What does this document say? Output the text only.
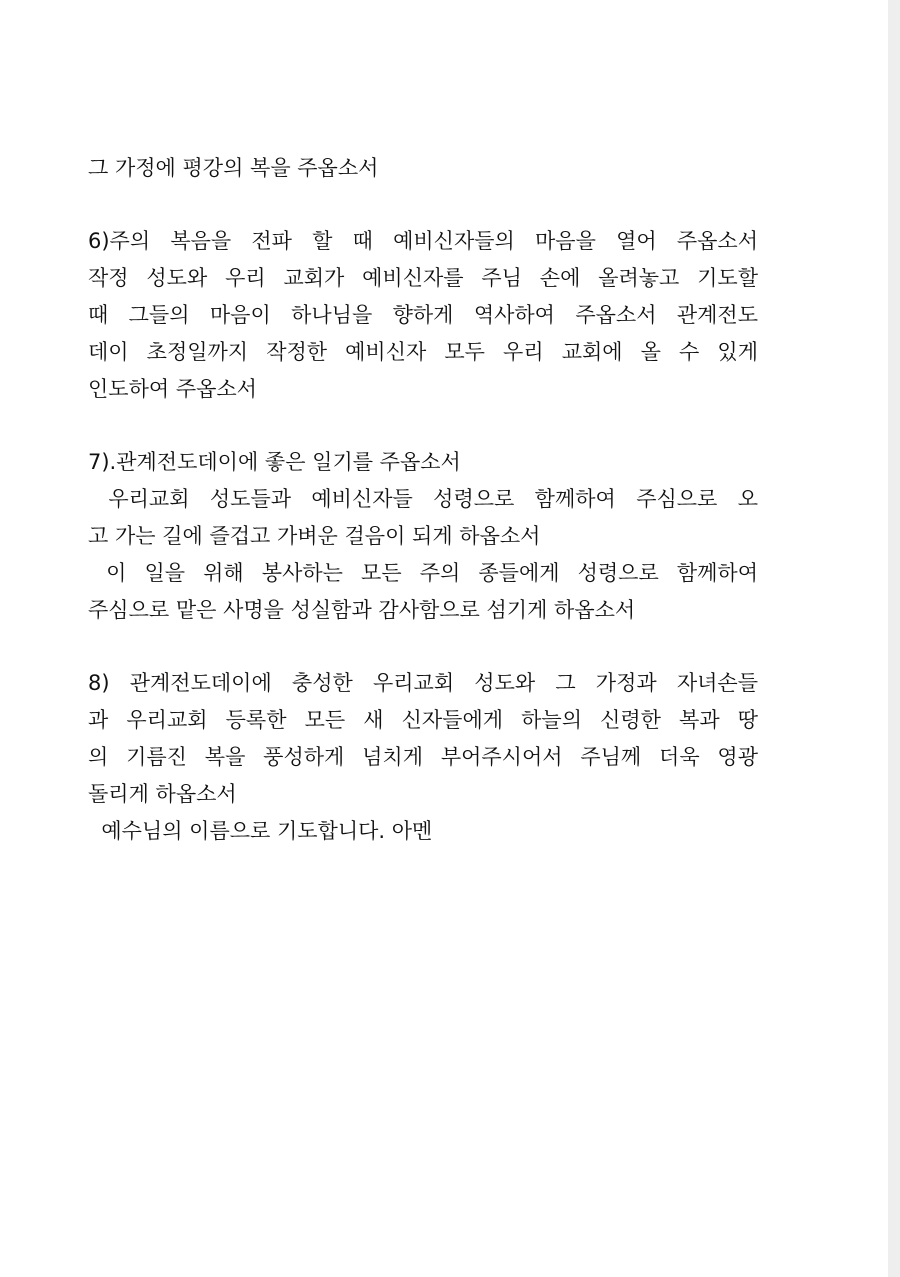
그 가정에 평강의 복을 주옵소서
6)주의 복음을 전파 할 때 예비신자들의 마음을 열어 주옵소서
작정 성도와 우리 교회가 예비신자를 주님 손에 올려놓고 기도할
때 그들의 마음이 하나님을 향하게 역사하여 주옵소서 관계전도
데이 초정일까지 작정한 예비신자 모두 우리 교회에 올 수 있게
인도하여 주옵소서
7).관계전도데이에 좋은 일기를 주옵소서
우리교회 성도들과 예비신자들 성령으로 함께하여 주심으로 오
고 가는 길에 즐겁고 가벼운 걸음이 되게 하옵소서
이 일을 위해 봉사하는 모든 주의 종들에게 성령으로 함께하여
주심으로 맡은 사명을 성실함과 감사함으로 섬기게 하옵소서
8) 관계전도데이에 충성한 우리교회 성도와 그 가정과 자녀손들
과 우리교회 등록한 모든 새 신자들에게 하늘의 신령한 복과 땅
의 기름진 복을 풍성하게 넘치게 부어주시어서 주님께 더욱 영광
돌리게 하옵소서
예수님의 이름으로 기도합니다. 아멘
